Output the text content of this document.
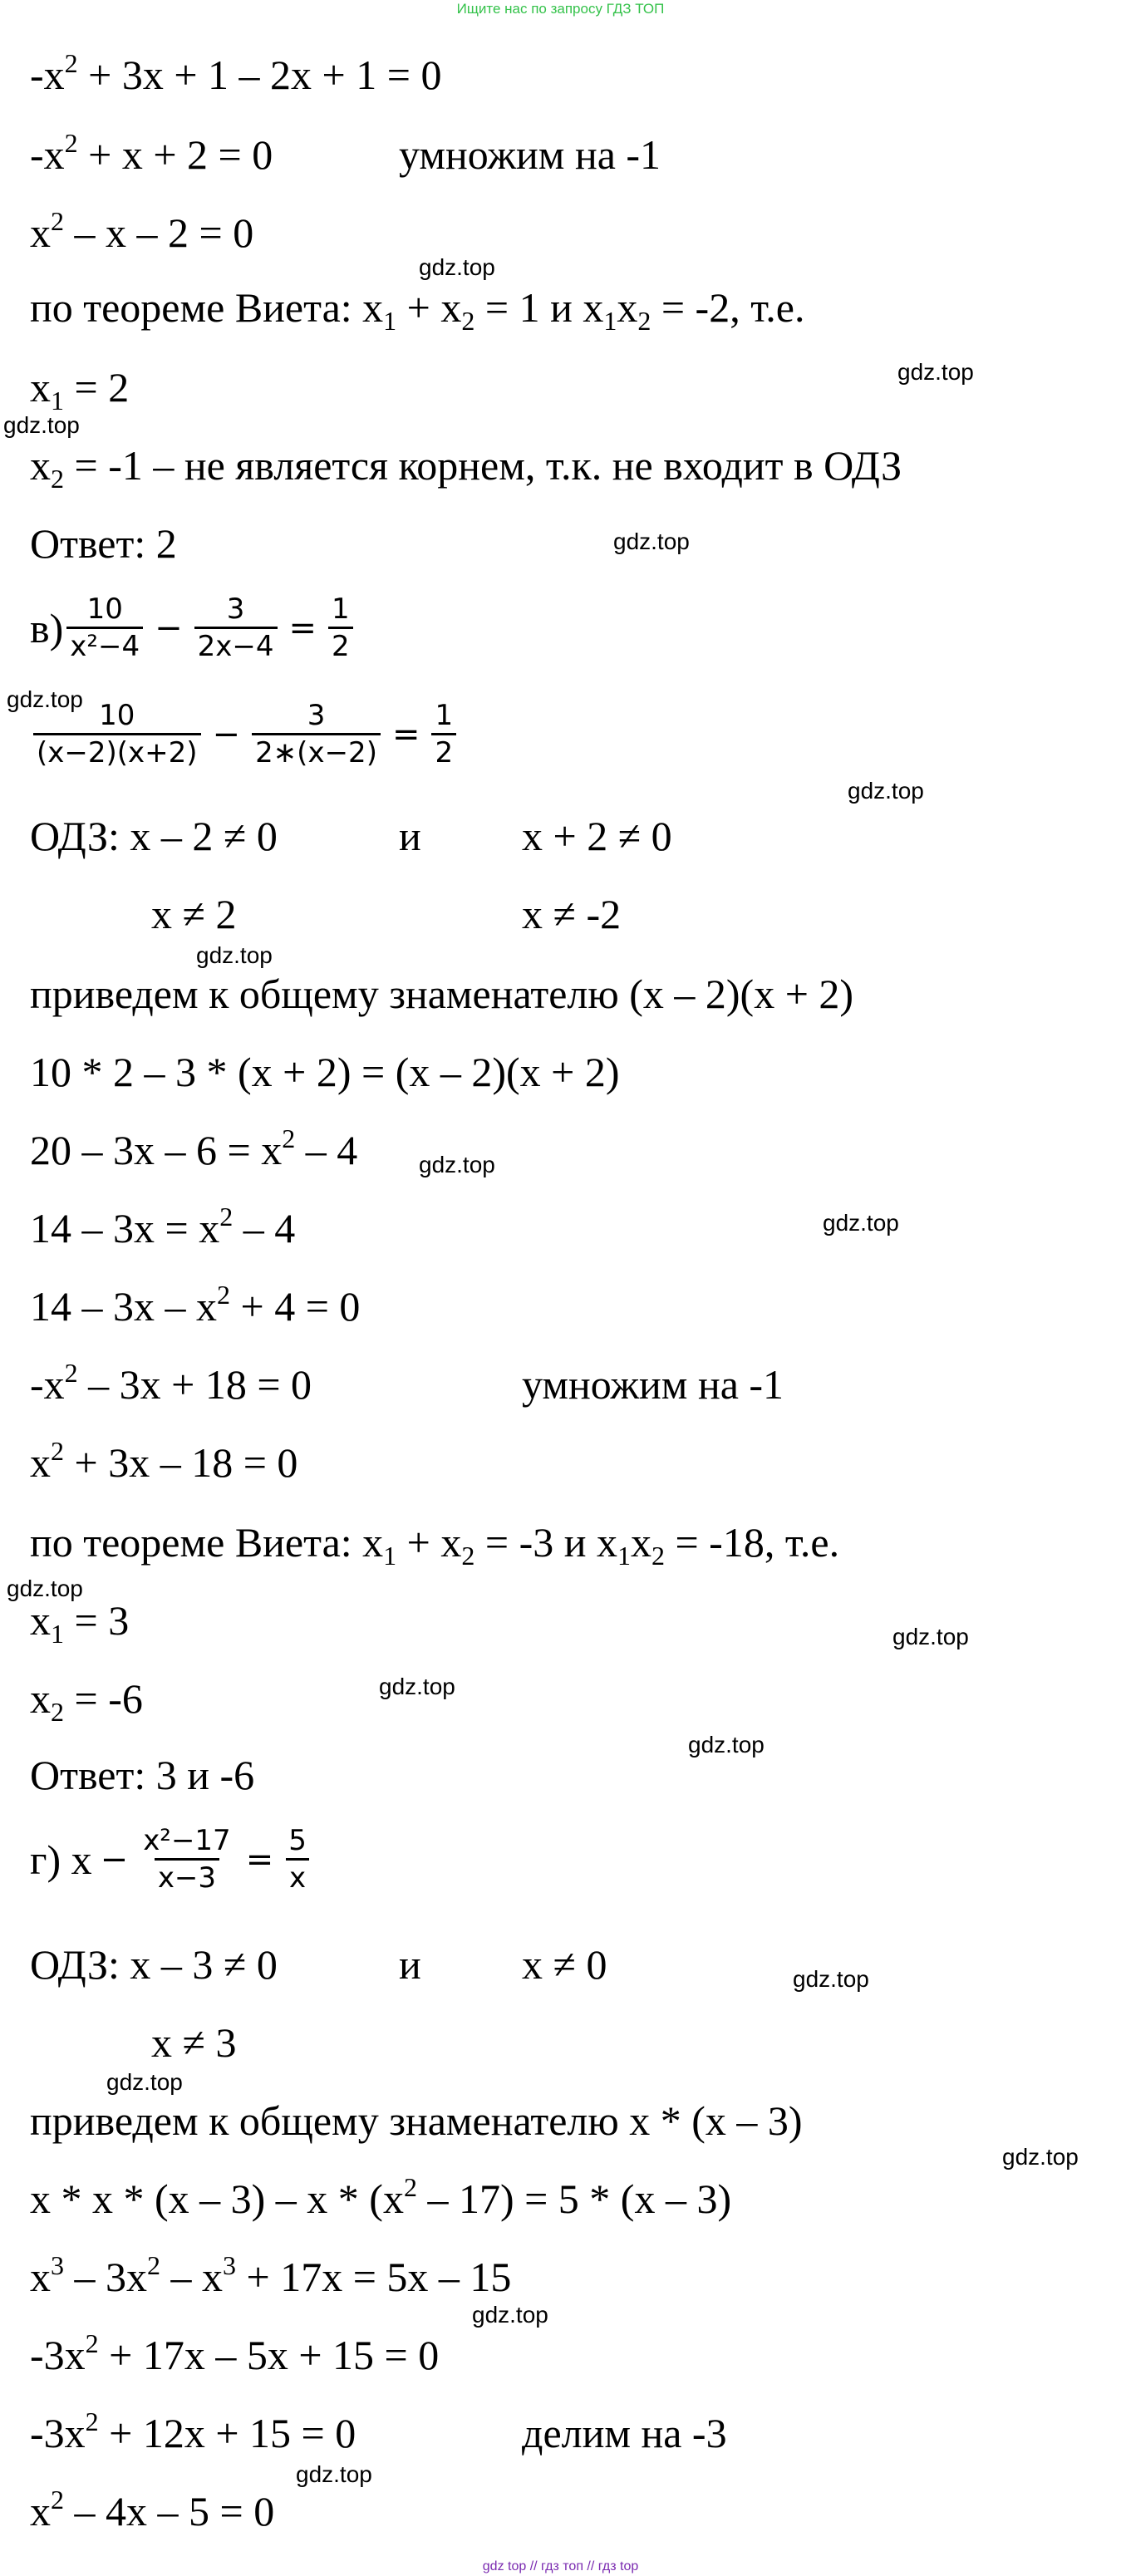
Ищите нас по запросу ГДЗ ТОП
$-x^2 + 3x + 1 - 2x + 1 = 0$
$-x^2 + x + 2 = 0$	умножим на -1
$x^2 - x - 2 = 0$
gdz.top
по теореме Виета: $x_1 + x_2 = 1$ и $x_1x_2 = -2$, т.е.
$x_1 = 2$	gdz.top
gdz.top
$x_2 = -1$ – не является корнем, т.к. не входит в ОДЗ
Ответ: 2	gdz.top
$в) \frac{10}{\text{x²−4}} - \frac{3}{2x-4} = \frac{1}{2}$
gdz.top
$\frac{10}{(x-2)(x+2)} - \frac{3}{2∗(x-2)} = \frac{1}{2}$
gdz.top
ОДЗ: x – 2 ≠ 0	и x + 2 ≠ 0
x ≠ 2	x ≠ -2
gdz.top
приведем к общему знаменателю (x – 2)(x + 2)
10 * 2 – 3 * (x + 2) = (x – 2)(x + 2)
$20 - 3x - 6 = x^2 - 4$	gdz.top
$14 - 3x = x^2 - 4$	gdz.top
$14 - 3x - x^2 + 4 = 0$
$-x^2 - 3x + 18 = 0$	умножим на -1
$x^2 + 3x - 18 = 0$
по теореме Виета: $x_1 + x_2 = -3$ и $x_1x_2 = -18$, т.е.
gdz.top
$x_1 = 3$	gdz.top
$x_2 = -6$	gdz.top
gdz.top
Ответ: 3 и -6
г) $x - \frac{\text{x²−17}}{x-3} = \frac{5}{x}$
ОДЗ: x – 3 ≠ 0	и x ≠ 0	gdz.top
x ≠ 3
gdz.top
приведем к общему знаменателю x * (x – 3)
gdz.top
$x * x * (x - 3) - x * (x^2 - 17) = 5 * (x - 3)$
$x^3 - 3x^2 - x^3 + 17x = 5x - 15$
gdz.top
$-3x^2 + 17x - 5x + 15 = 0$
$-3x^2 + 12x + 15 = 0$	делим на -3
gdz.top
$x^2 - 4x - 5 = 0$
gdz top // гдз топ // гдз top
